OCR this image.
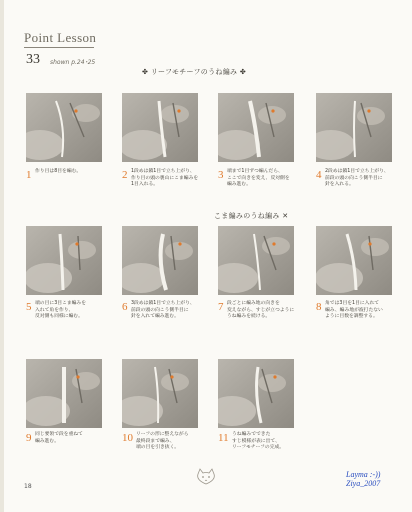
Point Lesson
33 shown p.24･25
✤ リーフモチーフのうね編み ✤
こま編みのうね編み ✕
1 作り目は8目を編む。	2 1段めは鎖1目で立ち上がり、
作り目の頭の裏山にこま編みを
1目入れる。
3 端まで1目ずつ編んだら、
ここで向きを変え、反対側を
編み進む。
4 2段めは鎖1目で立ち上がり、
前段の頭の向こう側半目に
針を入れる。
5 端の目に3目こま編みを
入れて角を作り、
反対側も同様に編む。
6 3段めは鎖1目で立ち上がり、
前段の頭の向こう側半目に
針を入れて編み進む。
7 段ごとに編み地の向きを
変えながら、すじが立つように
うね編みを続ける。
8 角では3目を1目に入れて
編み、編み地が波打たない
ように目数を調整する。
9 同じ要領で段を重ねて
編み進む。	10 リーフの形に整えながら
最終段まで編み、
端の目を引き抜く。
11 うね編みでできた
すじ模様が表に出て、
リーフモチーフの完成。
18
Layma :-))
Ziya_2007
